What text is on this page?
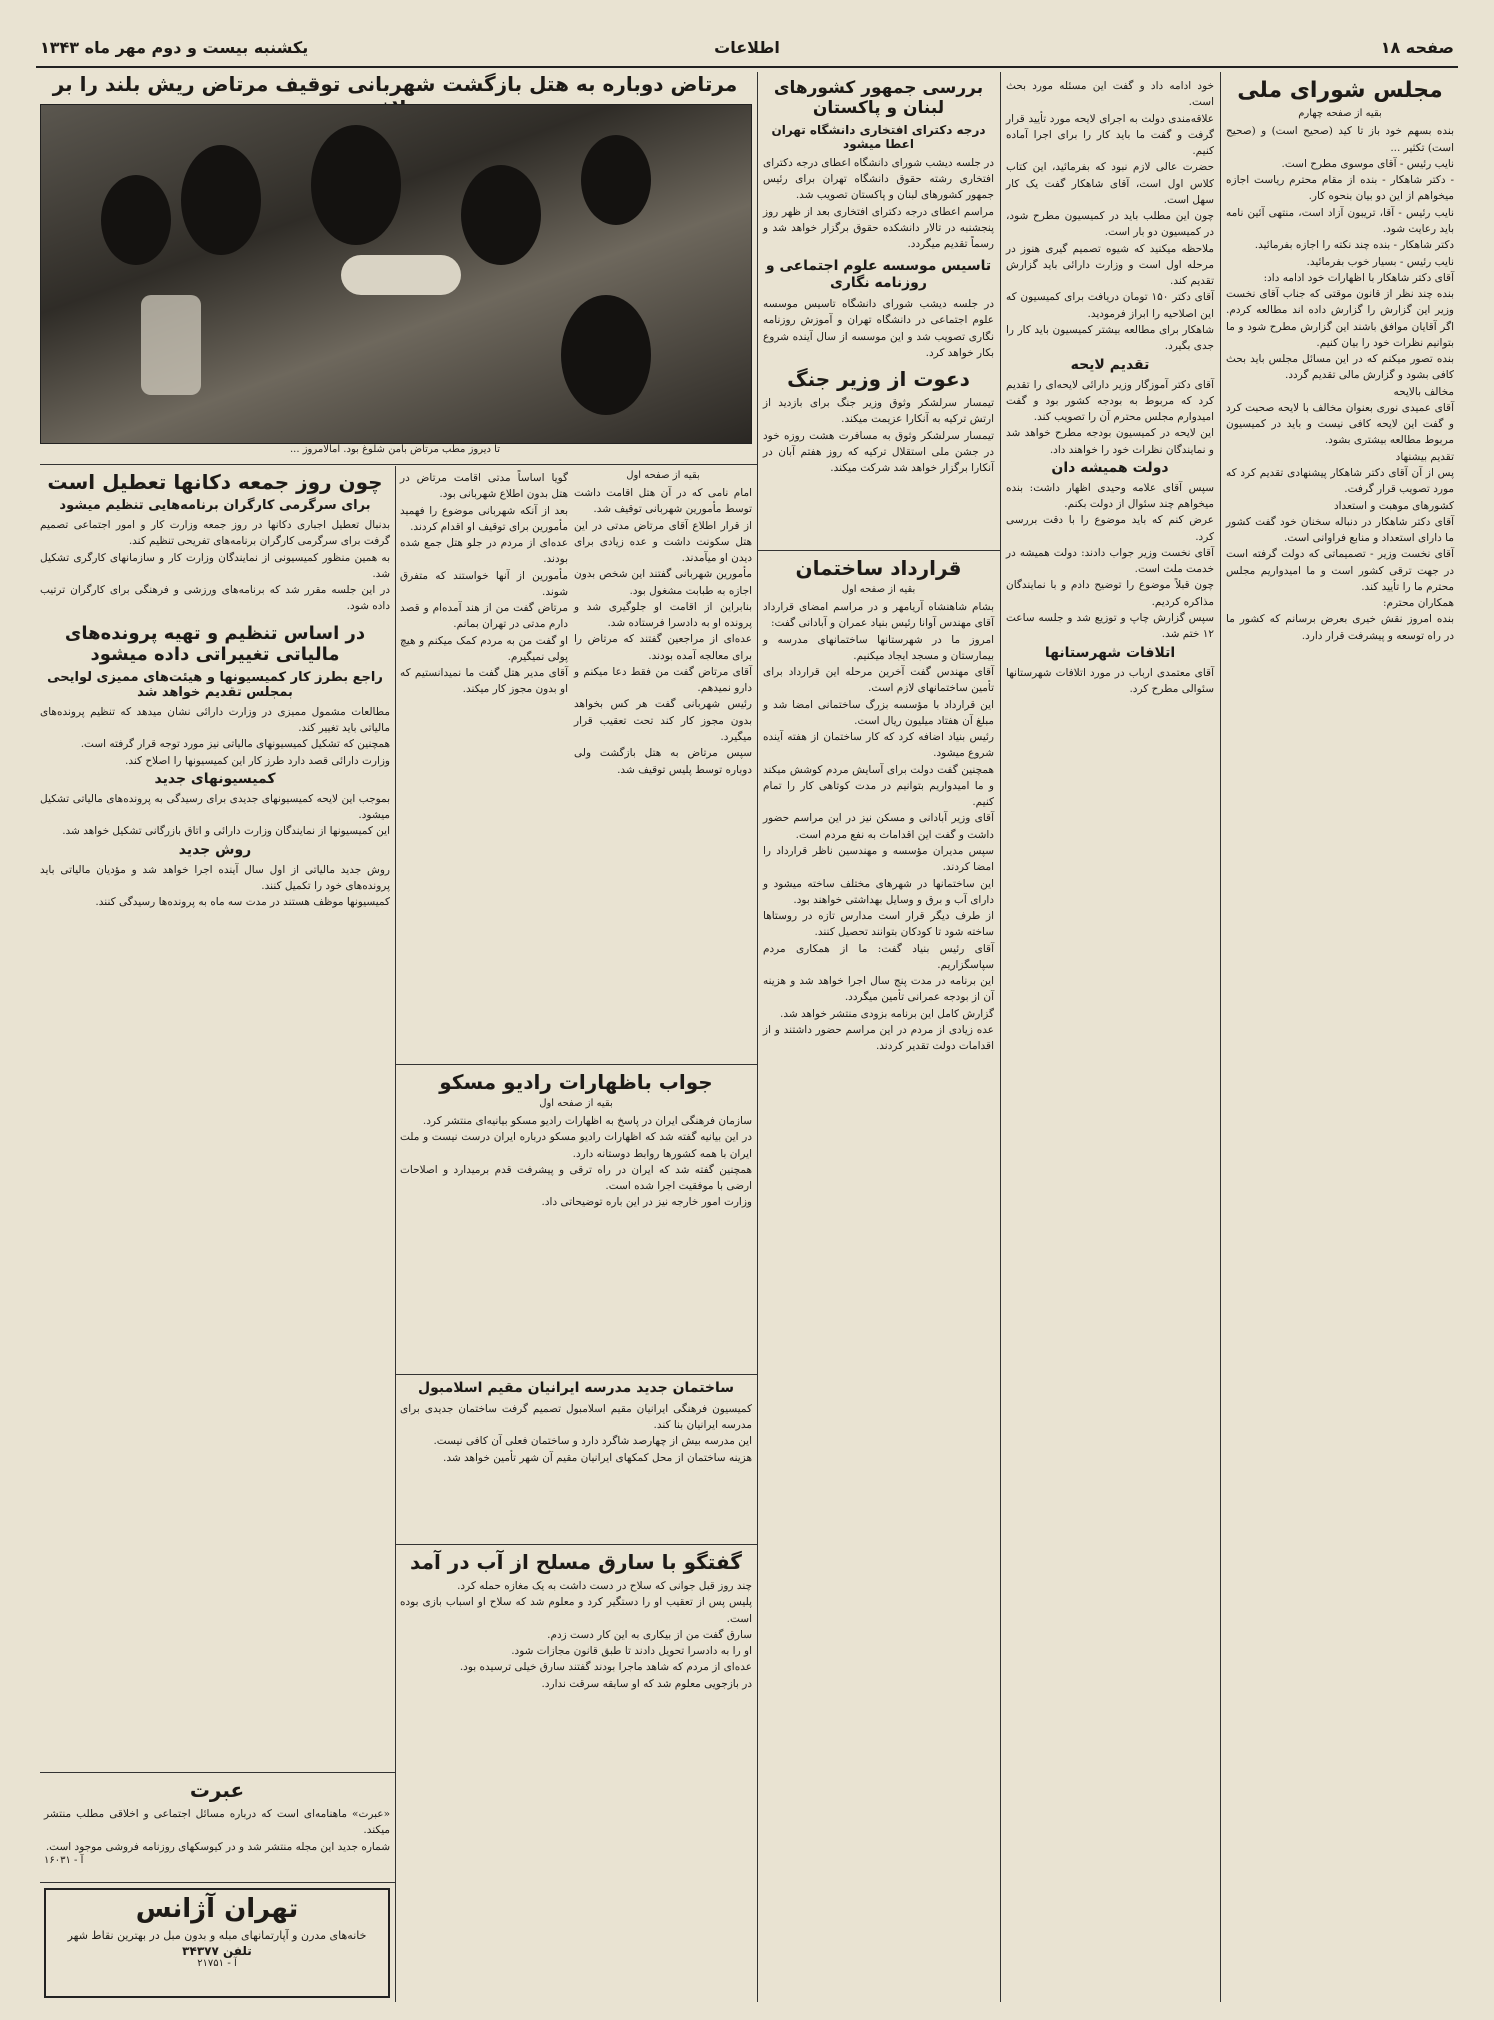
صفحه ۱۸
اطلاعات
یکشنبه بیست و دوم مهر ماه ۱۳۴۳
مرتاض دوباره به هتل بازگشت شهربانی توقیف مرتاض ریش بلند را بر
تا دیروز مطب مرتاض بامن شلوغ بود. امالامروز ...
مجلس شورای ملی
بقیه از صفحه چهارم

بنده بسهم خود باز تا کید (صحیح است) و (صحیح است) تکثیر ...
نایب رئیس - آقای موسوی مطرح است.
- دکتر شاهکار - بنده از مقام محترم ریاست اجازه میخواهم از این دو بیان بنحوه کار.
نایب رئیس - آقا، تریبون آزاد است، منتهی آئین نامه باید رعایت شود.
دکتر شاهکار - بنده چند نکته را اجازه بفرمائید.
نایب رئیس - بسیار خوب بفرمائید.
آقای دکتر شاهکار با اظهارات خود ادامه داد:
بنده چند نظر از قانون موقتی که جناب آقای نخست وزیر این گزارش را گزارش داده اند مطالعه کردم. اگر آقایان موافق باشند این گزارش مطرح شود و ما بتوانیم نظرات خود را بیان کنیم.
بنده تصور میکنم که در این مسائل مجلس باید بحث کافی بشود و گزارش مالی تقدیم گردد.
مخالف بالایحه
آقای عمیدی نوری بعنوان مخالف با لایحه صحبت کرد و گفت این لایحه کافی نیست و باید در کمیسیون مربوط مطالعه بیشتری بشود.
تقدیم بیشنهاد
پس از آن آقای دکتر شاهکار پیشنهادی تقدیم کرد که مورد تصویب قرار گرفت.
کشورهای موهبت و استعداد
آقای دکتر شاهکار در دنباله سخنان خود گفت کشور ما دارای استعداد و منابع فراوانی است.
آقای نخست وزیر - تصمیماتی که دولت گرفته است در جهت ترقی کشور است و ما امیدواریم مجلس محترم ما را تأیید کند.
همکاران محترم:
بنده امروز نقش خیری بعرض برسانم که کشور ما در راه توسعه و پیشرفت قرار دارد.

خود ادامه داد و گفت این مسئله مورد بحث است.
علاقه‌مندی دولت به اجرای لایحه مورد تأیید قرار گرفت و گفت ما باید کار را برای اجرا آماده کنیم.
حضرت عالی لازم نبود که بفرمائید، این کتاب کلاس اول است، آقای شاهکار گفت یک کار سهل است.
چون این مطلب باید در کمیسیون مطرح شود، در کمیسیون دو بار است.
ملاحظه میکنید که شیوه تصمیم گیری هنوز در مرحله اول است و وزارت دارائی باید گزارش تقدیم کند.
آقای دکتر ۱۵۰ تومان دریافت برای کمیسیون که این اصلاحیه را ابراز فرمودید.
شاهکار برای مطالعه بیشتر کمیسیون باید کار را جدی بگیرد.

تقدیم لایحه

آقای دکتر آموزگار وزیر دارائی لایحه‌ای را تقدیم کرد که مربوط به بودجه کشور بود و گفت امیدوارم مجلس محترم آن را تصویب کند.
این لایحه در کمیسیون بودجه مطرح خواهد شد و نمایندگان نظرات خود را خواهند داد.

دولت همیشه دان

سپس آقای علامه وحیدی اظهار داشت: بنده میخواهم چند سئوال از دولت بکنم.
عرض کنم که باید موضوع را با دقت بررسی کرد.
آقای نخست وزیر جواب دادند: دولت همیشه در خدمت ملت است.
چون قبلاً موضوع را توضیح دادم و با نمایندگان مذاکره کردیم.
سپس گزارش چاپ و توزیع شد و جلسه ساعت ۱۲ ختم شد.

اتلافات شهرستانها

آقای معتمدی ارباب در مورد اتلافات شهرستانها سئوالی مطرح کرد.

بررسی جمهور کشورهای لبنان و پاکستان
درجه دکترای افتخاری دانشگاه تهران اعطا میشود

در جلسه دیشب شورای دانشگاه اعطای درجه دکترای افتخاری رشته حقوق دانشگاه تهران برای رئیس جمهور کشورهای لبنان و پاکستان تصویب شد.
مراسم اعطای درجه دکترای افتخاری بعد از ظهر روز پنجشنبه در تالار دانشکده حقوق برگزار خواهد شد و رسماً تقدیم میگردد.

تاسیس موسسه علوم اجتماعی و روزنامه نگاری

در جلسه دیشب شورای دانشگاه تاسیس موسسه علوم اجتماعی در دانشگاه تهران و آموزش روزنامه نگاری تصویب شد و این موسسه از سال آینده شروع بکار خواهد کرد.

دعوت از وزیر جنگ

تیمسار سرلشکر وثوق وزیر جنگ برای بازدید از ارتش ترکیه به آنکارا عزیمت میکند.
تیمسار سرلشکر وثوق به مسافرت هشت روزه خود در جشن ملی استقلال ترکیه که روز هفتم آبان در آنکارا برگزار خواهد شد شرکت میکند.

قرارداد ساختمان
بقیه از صفحه اول

بشام شاهنشاه آریامهر و در مراسم امضای قرارداد آقای مهندس آوانا رئیس بنیاد عمران و آبادانی گفت:
امروز ما در شهرستانها ساختمانهای مدرسه و بیمارستان و مسجد ایجاد میکنیم.
آقای مهندس گفت آخرین مرحله این قرارداد برای تأمین ساختمانهای لازم است.
این قرارداد با مؤسسه بزرگ ساختمانی امضا شد و مبلغ آن هفتاد میلیون ریال است.
رئیس بنیاد اضافه کرد که کار ساختمان از هفته آینده شروع میشود.
همچنین گفت دولت برای آسایش مردم کوشش میکند و ما امیدواریم بتوانیم در مدت کوتاهی کار را تمام کنیم.
آقای وزیر آبادانی و مسکن نیز در این مراسم حضور داشت و گفت این اقدامات به نفع مردم است.
سپس مدیران مؤسسه و مهندسین ناظر قرارداد را امضا کردند.
این ساختمانها در شهرهای مختلف ساخته میشود و دارای آب و برق و وسایل بهداشتی خواهند بود.
از طرف دیگر قرار است مدارس تازه در روستاها ساخته شود تا کودکان بتوانند تحصیل کنند.
آقای رئیس بنیاد گفت: ما از همکاری مردم سپاسگزاریم.
این برنامه در مدت پنج سال اجرا خواهد شد و هزینه آن از بودجه عمرانی تأمین میگردد.
گزارش کامل این برنامه بزودی منتشر خواهد شد.
عده زیادی از مردم در این مراسم حضور داشتند و از اقدامات دولت تقدیر کردند.

چون روز جمعه دکانها تعطیل است
برای سرگرمی کارگران برنامه‌هایی تنظیم میشود

بدنبال تعطیل اجباری دکانها در روز جمعه وزارت کار و امور اجتماعی تصمیم گرفت برای سرگرمی کارگران برنامه‌های تفریحی تنظیم کند.
به همین منظور کمیسیونی از نمایندگان وزارت کار و سازمانهای کارگری تشکیل شد.
در این جلسه مقرر شد که برنامه‌های ورزشی و فرهنگی برای کارگران ترتیب داده شود.

در اساس تنظیم و تهیه پرونده‌های مالیاتی تغییراتی داده میشود
راجع بطرز کار کمیسیونها و هیئت‌های ممیزی لوایحی بمجلس تقدیم خواهد شد

مطالعات مشمول ممیزی در وزارت دارائی نشان میدهد که تنظیم پرونده‌های مالیاتی باید تغییر کند.
همچنین که تشکیل کمیسیونهای مالیاتی نیز مورد توجه قرار گرفته است.
وزارت دارائی قصد دارد طرز کار این کمیسیونها را اصلاح کند.

کمیسیونهای جدید

بموجب این لایحه کمیسیونهای جدیدی برای رسیدگی به پرونده‌های مالیاتی تشکیل میشود.
این کمیسیونها از نمایندگان وزارت دارائی و اتاق بازرگانی تشکیل خواهد شد.

روش جدید

روش جدید مالیاتی از اول سال آینده اجرا خواهد شد و مؤدیان مالیاتی باید پرونده‌های خود را تکمیل کنند.
کمیسیونها موظف هستند در مدت سه ماه به پرونده‌ها رسیدگی کنند.

بقیه از صفحه اول

امام نامی که در آن هتل اقامت داشت توسط مأمورین شهربانی توقیف شد.
از قرار اطلاع آقای مرتاض مدتی در این هتل سکونت داشت و عده زیادی برای دیدن او میآمدند.
مأمورین شهربانی گفتند این شخص بدون اجازه به طبابت مشغول بود.
بنابراین از اقامت او جلوگیری شد و پرونده او به دادسرا فرستاده شد.
عده‌ای از مراجعین گفتند که مرتاض را برای معالجه آمده بودند.
آقای مرتاض گفت من فقط دعا میکنم و دارو نمیدهم.
رئیس شهربانی گفت هر کس بخواهد بدون مجوز کار کند تحت تعقیب قرار میگیرد.
سپس مرتاض به هتل بازگشت ولی دوباره توسط پلیس توقیف شد.

گویا اساساً مدتی اقامت مرتاض در هتل بدون اطلاع شهربانی بود.
بعد از آنکه شهربانی موضوع را فهمید مأمورین برای توقیف او اقدام کردند.
عده‌ای از مردم در جلو هتل جمع شده بودند.
مأمورین از آنها خواستند که متفرق شوند.
مرتاض گفت من از هند آمده‌ام و قصد دارم مدتی در تهران بمانم.
او گفت من به مردم کمک میکنم و هیچ پولی نمیگیرم.
آقای مدیر هتل گفت ما نمیدانستیم که او بدون مجوز کار میکند.

جواب باظهارات رادیو مسکو
بقیه از صفحه اول

سازمان فرهنگی ایران در پاسخ به اظهارات رادیو مسکو بیانیه‌ای منتشر کرد.
در این بیانیه گفته شد که اظهارات رادیو مسکو درباره ایران درست نیست و ملت ایران با همه کشورها روابط دوستانه دارد.
همچنین گفته شد که ایران در راه ترقی و پیشرفت قدم برمیدارد و اصلاحات ارضی با موفقیت اجرا شده است.
وزارت امور خارجه نیز در این باره توضیحاتی داد.

ساختمان جدید مدرسه ایرانیان مقیم اسلامبول

کمیسیون فرهنگی ایرانیان مقیم اسلامبول تصمیم گرفت ساختمان جدیدی برای مدرسه ایرانیان بنا کند.
این مدرسه بیش از چهارصد شاگرد دارد و ساختمان فعلی آن کافی نیست.
هزینه ساختمان از محل کمکهای ایرانیان مقیم آن شهر تأمین خواهد شد.

گفتگو با سارق مسلح از آب در آمد

چند روز قبل جوانی که سلاح در دست داشت به یک مغازه حمله کرد.
پلیس پس از تعقیب او را دستگیر کرد و معلوم شد که سلاح او اسباب بازی بوده است.
سارق گفت من از بیکاری به این کار دست زدم.
او را به دادسرا تحویل دادند تا طبق قانون مجازات شود.
عده‌ای از مردم که شاهد ماجرا بودند گفتند سارق خیلی ترسیده بود.
در بازجویی معلوم شد که او سابقه سرقت ندارد.

عبرت

«عبرت» ماهنامه‌ای است که درباره مسائل اجتماعی و اخلاقی مطلب منتشر میکند.
شماره جدید این مجله منتشر شد و در کیوسکهای روزنامه فروشی موجود است.

آ - ۱۶۰۳۱
تهران آژانس
خانه‌های مدرن و آپارتمانهای مبله و بدون مبل در بهترین نقاط شهر
تلفن ۳۴۳۷۷
آ - ۲۱۷۵۱
